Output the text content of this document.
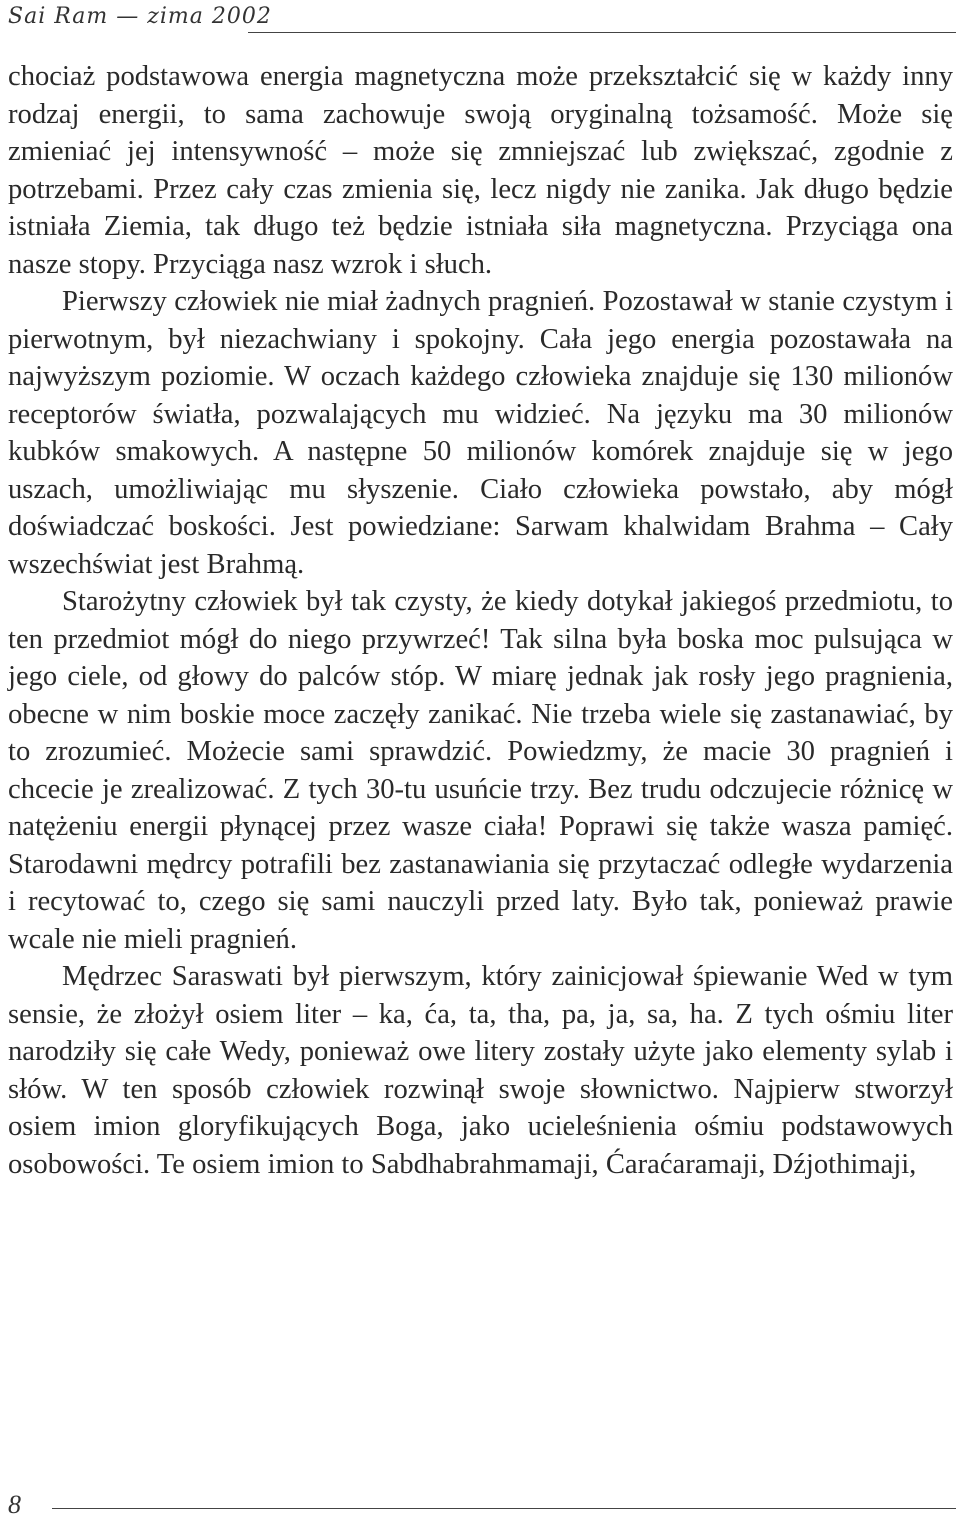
Sai Ram — zima 2002

chociaż podstawowa energia magnetyczna może przekształcić się w każdy inny rodzaj energii, to sama zachowuje swoją oryginalną tożsamość. Może się zmieniać jej intensywność – może się zmniejszać lub zwiększać, zgodnie z potrzebami. Przez cały czas zmienia się, lecz nigdy nie zanika. Jak długo będzie istniała Ziemia, tak długo też będzie istniała siła magnetyczna. Przyciąga ona nasze stopy. Przyciąga nasz wzrok i słuch.

Pierwszy człowiek nie miał żadnych pragnień. Pozostawał w stanie czystym i pierwotnym, był niezachwiany i spokojny. Cała jego energia pozostawała na najwyższym poziomie. W oczach każdego człowieka znajduje się 130 milionów receptorów światła, pozwalających mu widzieć. Na języku ma 30 milionów kubków smakowych. A następne 50 milionów komórek znajduje się w jego uszach, umożliwiając mu słyszenie. Ciało człowieka powstało, aby mógł doświadczać boskości. Jest powiedziane: Sarwam khalwidam Brahma – Cały wszechświat jest Brahmą.

Starożytny człowiek był tak czysty, że kiedy dotykał jakiegoś przedmiotu, to ten przedmiot mógł do niego przywrzeć! Tak silna była boska moc pulsująca w jego ciele, od głowy do palców stóp. W miarę jednak jak rosły jego pragnienia, obecne w nim boskie moce zaczęły zanikać. Nie trzeba wiele się zastanawiać, by to zrozumieć. Możecie sami sprawdzić. Powiedzmy, że macie 30 pragnień i chcecie je zrealizować. Z tych 30-tu usuńcie trzy. Bez trudu odczujecie różnicę w natężeniu energii płynącej przez wasze ciała! Poprawi się także wasza pamięć. Starodawni mędrcy potrafili bez zastanawiania się przytaczać odległe wydarzenia i recytować to, czego się sami nauczyli przed laty. Było tak, ponieważ prawie wcale nie mieli pragnień.

Mędrzec Saraswati był pierwszym, który zainicjował śpiewanie Wed w tym sensie, że złożył osiem liter – ka, ća, ta, tha, pa, ja, sa, ha. Z tych ośmiu liter narodziły się całe Wedy, ponieważ owe litery zostały użyte jako elementy sylab i słów. W ten sposób człowiek rozwinął swoje słownictwo. Najpierw stworzył osiem imion gloryfikujących Boga, jako ucieleśnienia ośmiu podstawowych osobowości. Te osiem imion to Sabdhabrahmamaji, Ćaraćaramaji, Dźjothimaji,

8
